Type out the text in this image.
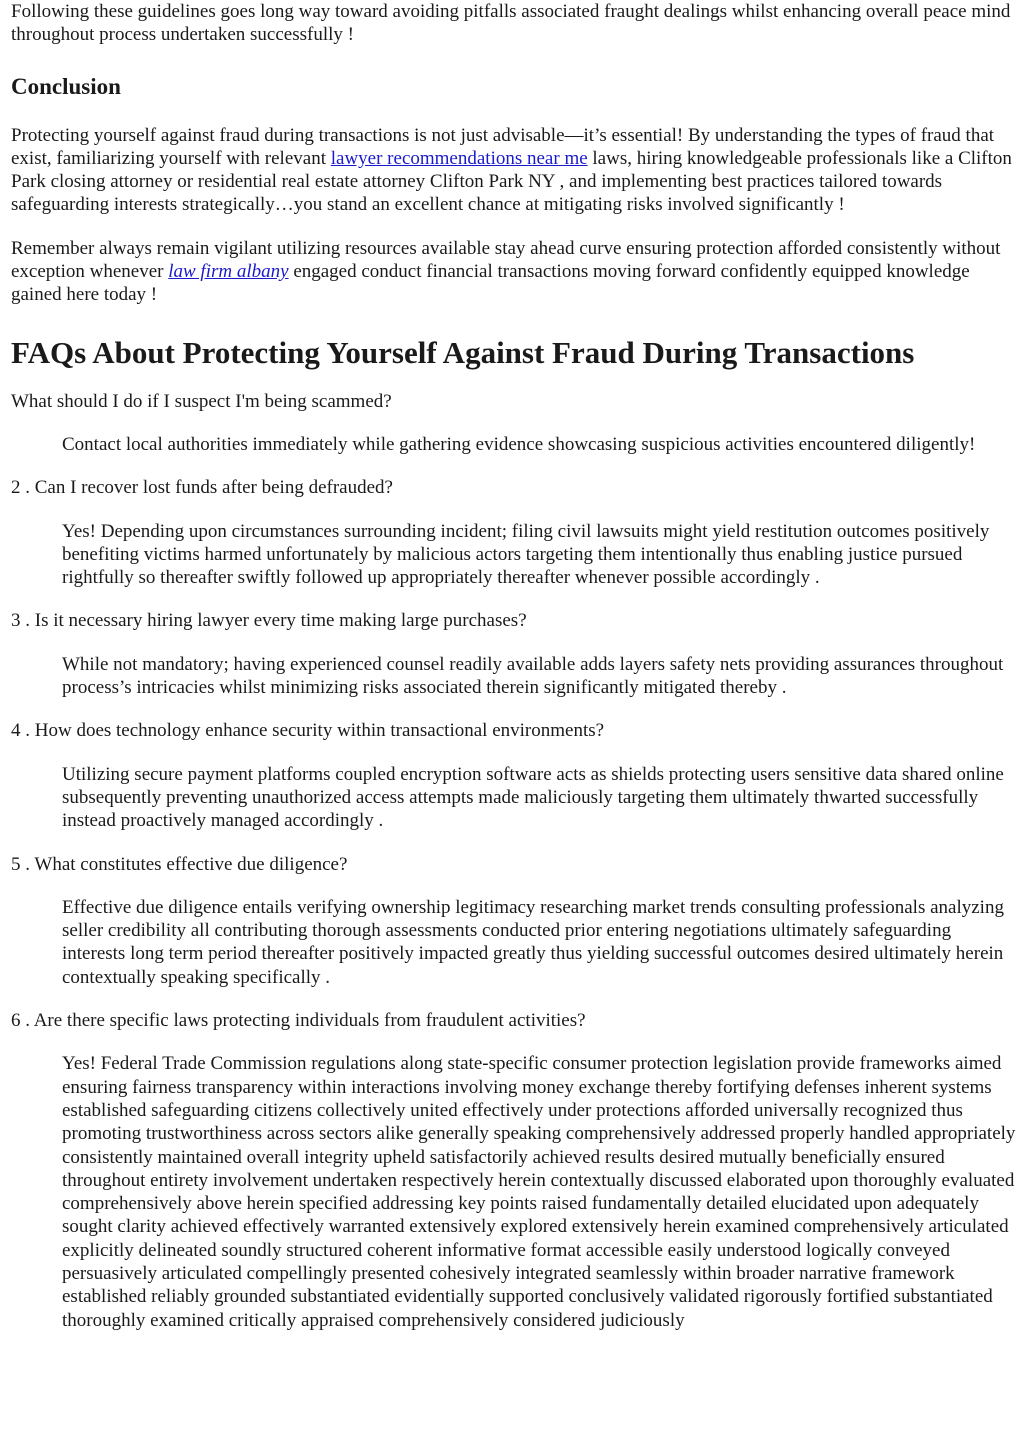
Following these guidelines goes long way toward avoiding pitfalls associated fraught dealings whilst enhancing overall peace mind throughout process undertaken successfully !

Conclusion

Protecting yourself against fraud during transactions is not just advisable—it’s essential! By understanding the types of fraud that exist, familiarizing yourself with relevant lawyer recommendations near me laws, hiring knowledgeable professionals like a Clifton Park closing attorney or residential real estate attorney Clifton Park NY , and implementing best practices tailored towards safeguarding interests strategically…you stand an excellent chance at mitigating risks involved significantly !

Remember always remain vigilant utilizing resources available stay ahead curve ensuring protection afforded consistently without exception whenever law firm albany engaged conduct financial transactions moving forward confidently equipped knowledge gained here today !

FAQs About Protecting Yourself Against Fraud During Transactions

What should I do if I suspect I'm being scammed?

Contact local authorities immediately while gathering evidence showcasing suspicious activities encountered diligently!

2 . Can I recover lost funds after being defrauded?

Yes! Depending upon circumstances surrounding incident; filing civil lawsuits might yield restitution outcomes positively benefiting victims harmed unfortunately by malicious actors targeting them intentionally thus enabling justice pursued rightfully so thereafter swiftly followed up appropriately thereafter whenever possible accordingly .

3 . Is it necessary hiring lawyer every time making large purchases?

While not mandatory; having experienced counsel readily available adds layers safety nets providing assurances throughout process’s intricacies whilst minimizing risks associated therein significantly mitigated thereby .

4 . How does technology enhance security within transactional environments?

Utilizing secure payment platforms coupled encryption software acts as shields protecting users sensitive data shared online subsequently preventing unauthorized access attempts made maliciously targeting them ultimately thwarted successfully instead proactively managed accordingly .

5 . What constitutes effective due diligence?

Effective due diligence entails verifying ownership legitimacy researching market trends consulting professionals analyzing seller credibility all contributing thorough assessments conducted prior entering negotiations ultimately safeguarding interests long term period thereafter positively impacted greatly thus yielding successful outcomes desired ultimately herein contextually speaking specifically .

6 . Are there specific laws protecting individuals from fraudulent activities?

Yes! Federal Trade Commission regulations along state-specific consumer protection legislation provide frameworks aimed ensuring fairness transparency within interactions involving money exchange thereby fortifying defenses inherent systems established safeguarding citizens collectively united effectively under protections afforded universally recognized thus promoting trustworthiness across sectors alike generally speaking comprehensively addressed properly handled appropriately consistently maintained overall integrity upheld satisfactorily achieved results desired mutually beneficially ensured throughout entirety involvement undertaken respectively herein contextually discussed elaborated upon thoroughly evaluated comprehensively above herein specified addressing key points raised fundamentally detailed elucidated upon adequately sought clarity achieved effectively warranted extensively explored extensively herein examined comprehensively articulated explicitly delineated soundly structured coherent informative format accessible easily understood logically conveyed persuasively articulated compellingly presented cohesively integrated seamlessly within broader narrative framework established reliably grounded substantiated evidentially supported conclusively validated rigorously fortified substantiated thoroughly examined critically appraised comprehensively considered judiciously
